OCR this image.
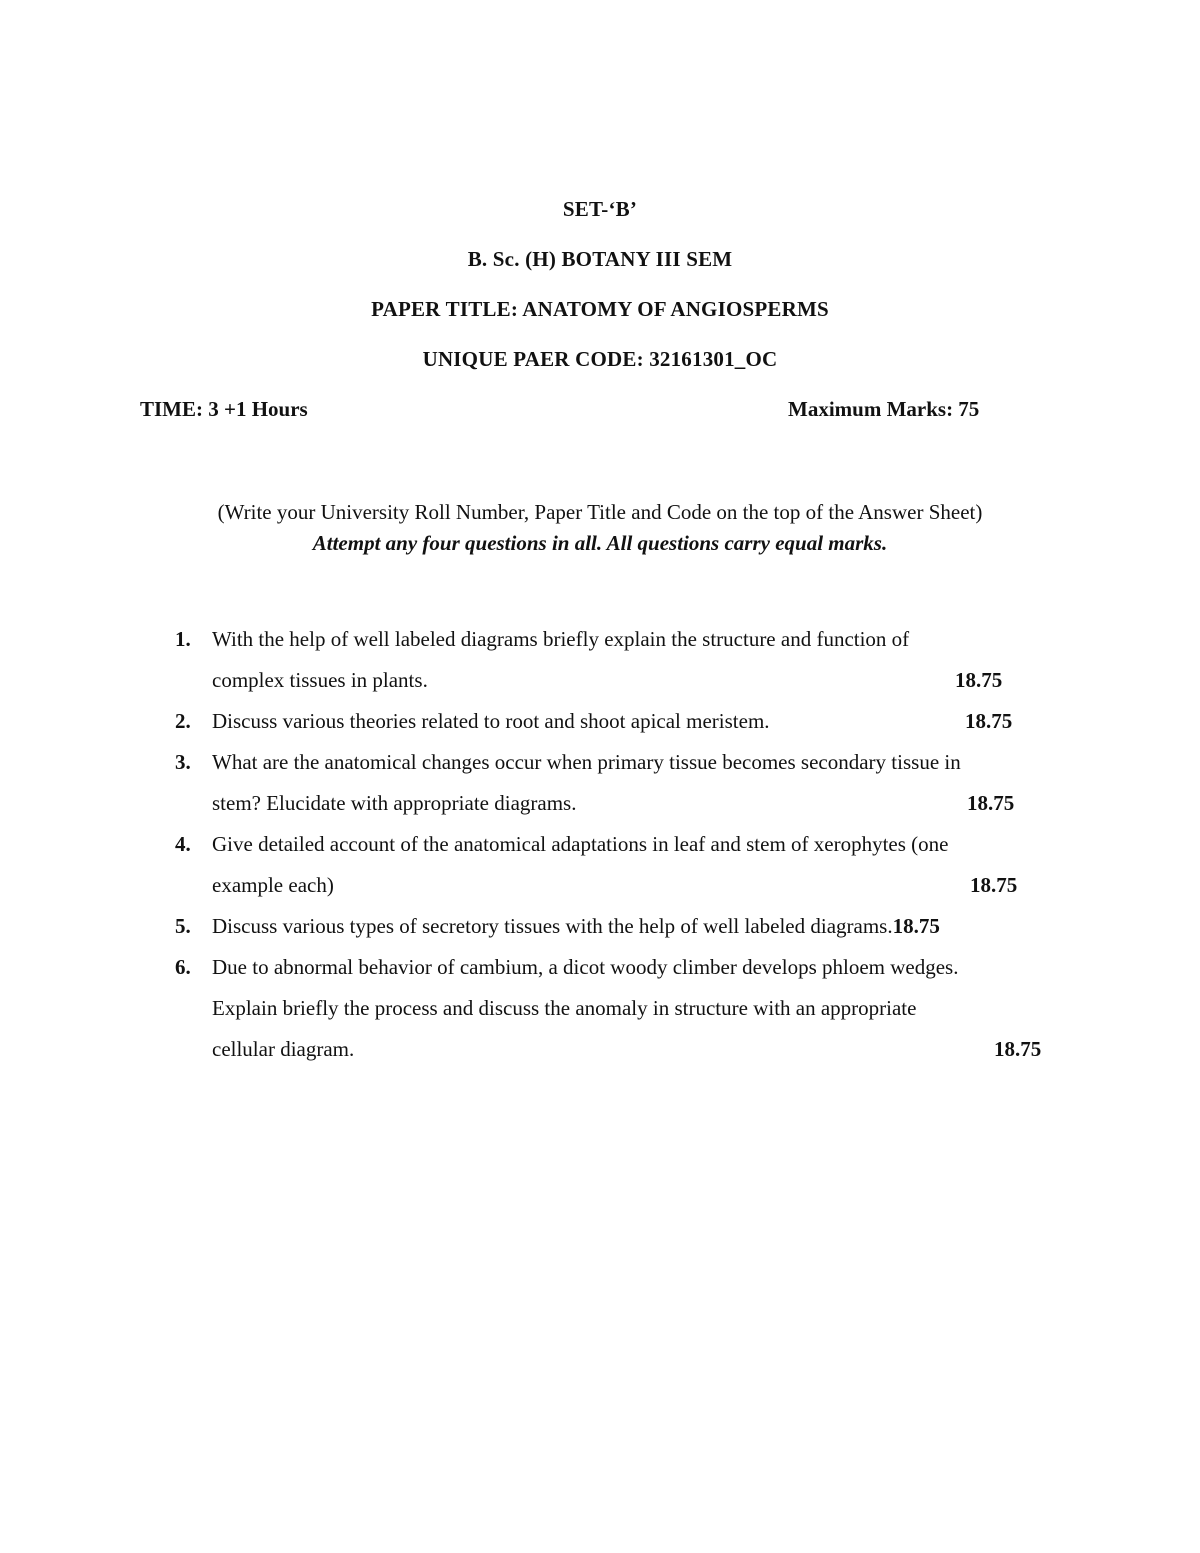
SET-‘B’
B. Sc. (H) BOTANY III SEM
PAPER TITLE: ANATOMY OF ANGIOSPERMS
UNIQUE PAER CODE: 32161301_OC
TIME: 3 +1 Hours	Maximum Marks: 75
(Write your University Roll Number, Paper Title and Code on the top of the Answer Sheet)
Attempt any four questions in all. All questions carry equal marks.
1. With the help of well labeled diagrams briefly explain the structure and function of
complex tissues in plants.	18.75
2. Discuss various theories related to root and shoot apical meristem.	18.75
3. What are the anatomical changes occur when primary tissue becomes secondary tissue in
stem? Elucidate with appropriate diagrams.	18.75
4. Give detailed account of the anatomical adaptations in leaf and stem of xerophytes (one
example each)	18.75
5. Discuss various types of secretory tissues with the help of well labeled diagrams.18.75
6. Due to abnormal behavior of cambium, a dicot woody climber develops phloem wedges.
Explain briefly the process and discuss the anomaly in structure with an appropriate
cellular diagram.	18.75
